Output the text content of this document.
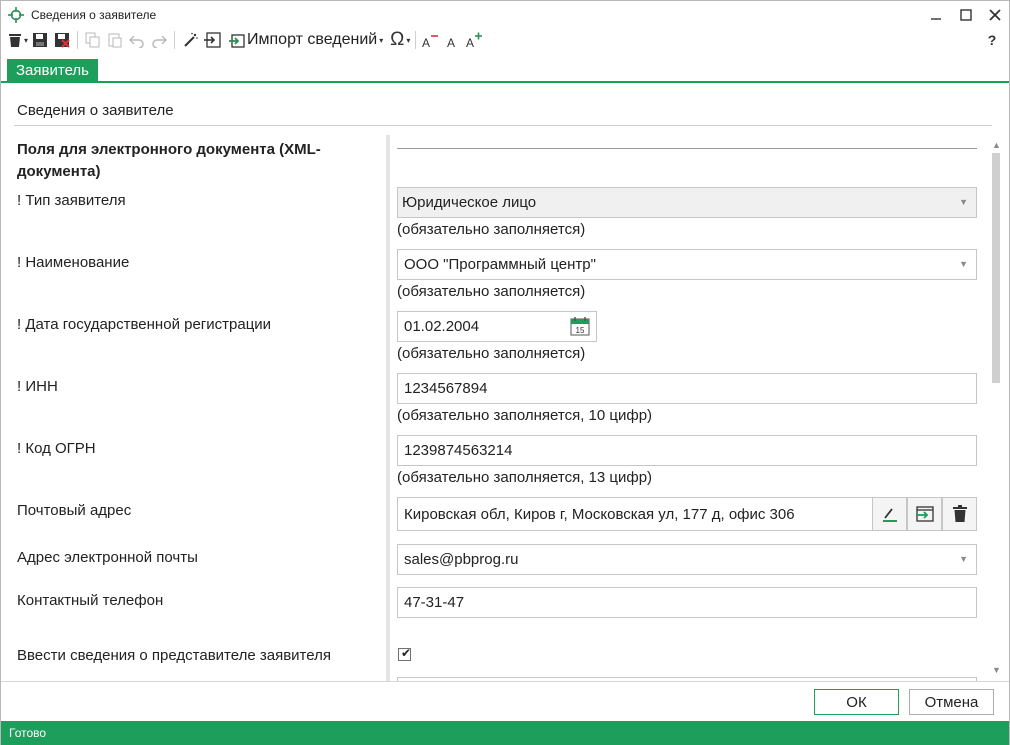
Сведения о заявителе
▾	Импорт сведений ▾ Ω ▾ A A A	?
Заявитель
Сведения о заявителе
Поля для электронного документа (XML-документа)
! Тип заявителя	Юридическое лицо	▼
(обязательно заполняется)
! Наименование	ООО "Программный центр"	▼
(обязательно заполняется)
! Дата государственной регистрации	01.02.2004	15
(обязательно заполняется)
! ИНН	1234567894
(обязательно заполняется, 10 цифр)
! Код ОГРН	1239874563214
(обязательно заполняется, 13 цифр)
Почтовый адрес	Кировская обл, Киров г, Московская ул, 177 д, офис 306
Адрес электронной почты	sales@pbprog.ru	▼
Контактный телефон	47-31-47
Ввести сведения о представителе заявителя	✔
▲
▼
ОК	Отмена
Готово
